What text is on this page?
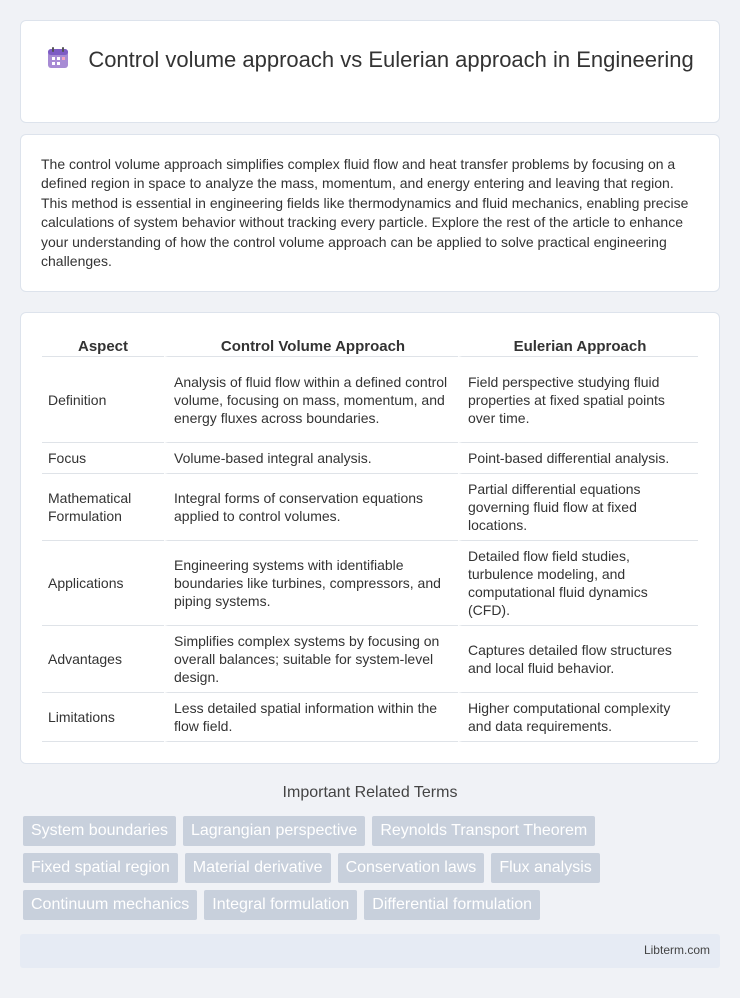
Control volume approach vs Eulerian approach in Engineering

The control volume approach simplifies complex fluid flow and heat transfer problems by focusing on a defined region in space to analyze the mass, momentum, and energy entering and leaving that region. This method is essential in engineering fields like thermodynamics and fluid mechanics, enabling precise calculations of system behavior without tracking every particle. Explore the rest of the article to enhance your understanding of how the control volume approach can be applied to solve practical engineering challenges.

Aspect	Control Volume Approach	Eulerian Approach
Definition	Analysis of fluid flow within a defined control volume, focusing on mass, momentum, and energy fluxes across boundaries.	Field perspective studying fluid properties at fixed spatial points over time.
Focus	Volume-based integral analysis.	Point-based differential analysis.
Mathematical Formulation	Integral forms of conservation equations applied to control volumes.	Partial differential equations governing fluid flow at fixed locations.
Applications	Engineering systems with identifiable boundaries like turbines, compressors, and piping systems.	Detailed flow field studies, turbulence modeling, and computational fluid dynamics (CFD).
Advantages	Simplifies complex systems by focusing on overall balances; suitable for system-level design.	Captures detailed flow structures and local fluid behavior.
Limitations	Less detailed spatial information within the flow field.	Higher computational complexity and data requirements.
Important Related Terms
System boundaries Lagrangian perspective Reynolds Transport Theorem
Fixed spatial region Material derivative Conservation laws Flux analysis
Continuum mechanics Integral formulation Differential formulation
Libterm.com
